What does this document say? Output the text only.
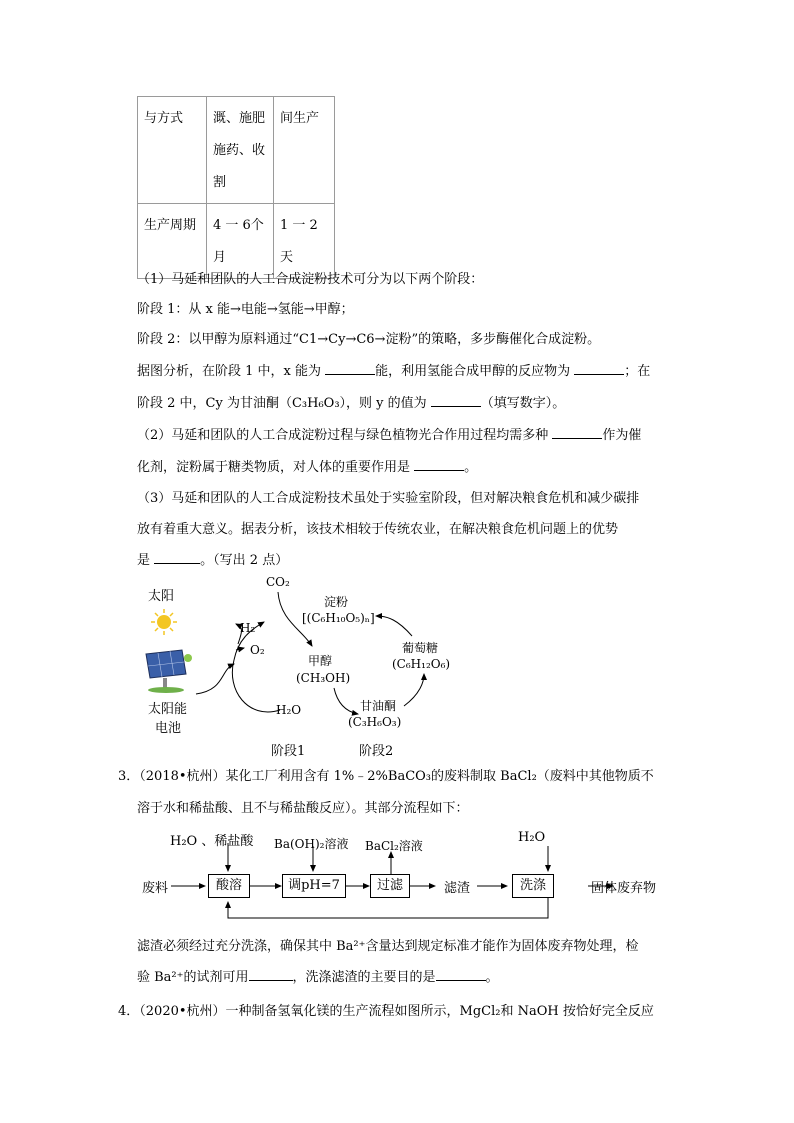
与方式	溉、施肥施药、收割	间生产
生产周期	4 一 6个月	1 一 2天
（1）马延和团队的人工合成淀粉技术可分为以下两个阶段：
阶段 1：从 x 能→电能→氢能→甲醇；
阶段 2：以甲醇为原料通过“C1→Cy→C6→淀粉”的策略，多步酶催化合成淀粉。
据图分析，在阶段 1 中，x 能为	能，利用氢能合成甲醇的反应物为	；在
阶段 2 中，Cy 为甘油酮（C₃H₆O₃），则 y 的值为	（填写数字）。
（2）马延和团队的人工合成淀粉过程与绿色植物光合作用过程均需多种	作为催
化剂，淀粉属于糖类物质，对人体的重要作用是	。
（3）马延和团队的人工合成淀粉技术虽处于实验室阶段，但对解决粮食危机和减少碳排
放有着重大意义。据表分析，该技术相较于传统农业，在解决粮食危机问题上的优势
是	。（写出 2 点）
太阳
太阳能
电池
H₂
O₂
H₂O
CO₂
甲醇
(CH₃OH)
甘油酮
(C₃H₆O₃)
葡萄糖
(C₆H₁₂O₆)
淀粉
[(C₆H₁₀O₅)ₙ]
阶段1	阶段2
3．（2018•杭州）某化工厂利用含有 1%﹣2%BaCO₃的废料制取 BaCl₂（废料中其他物质不
溶于水和稀盐酸、且不与稀盐酸反应）。其部分流程如下：
H₂O 、稀盐酸 Ba(OH)₂溶液 BaCl₂溶液
H₂O
废料	酸溶	调pH=7	过滤	滤渣	洗涤	固体废弃物
滤渣必须经过充分洗涤，确保其中 Ba²⁺含量达到规定标准才能作为固体废弃物处理，检
验 Ba²⁺的试剂可用	，洗涤滤渣的主要目的是	。
4．（2020•杭州）一种制备氢氧化镁的生产流程如图所示，MgCl₂和 NaOH 按恰好完全反应
